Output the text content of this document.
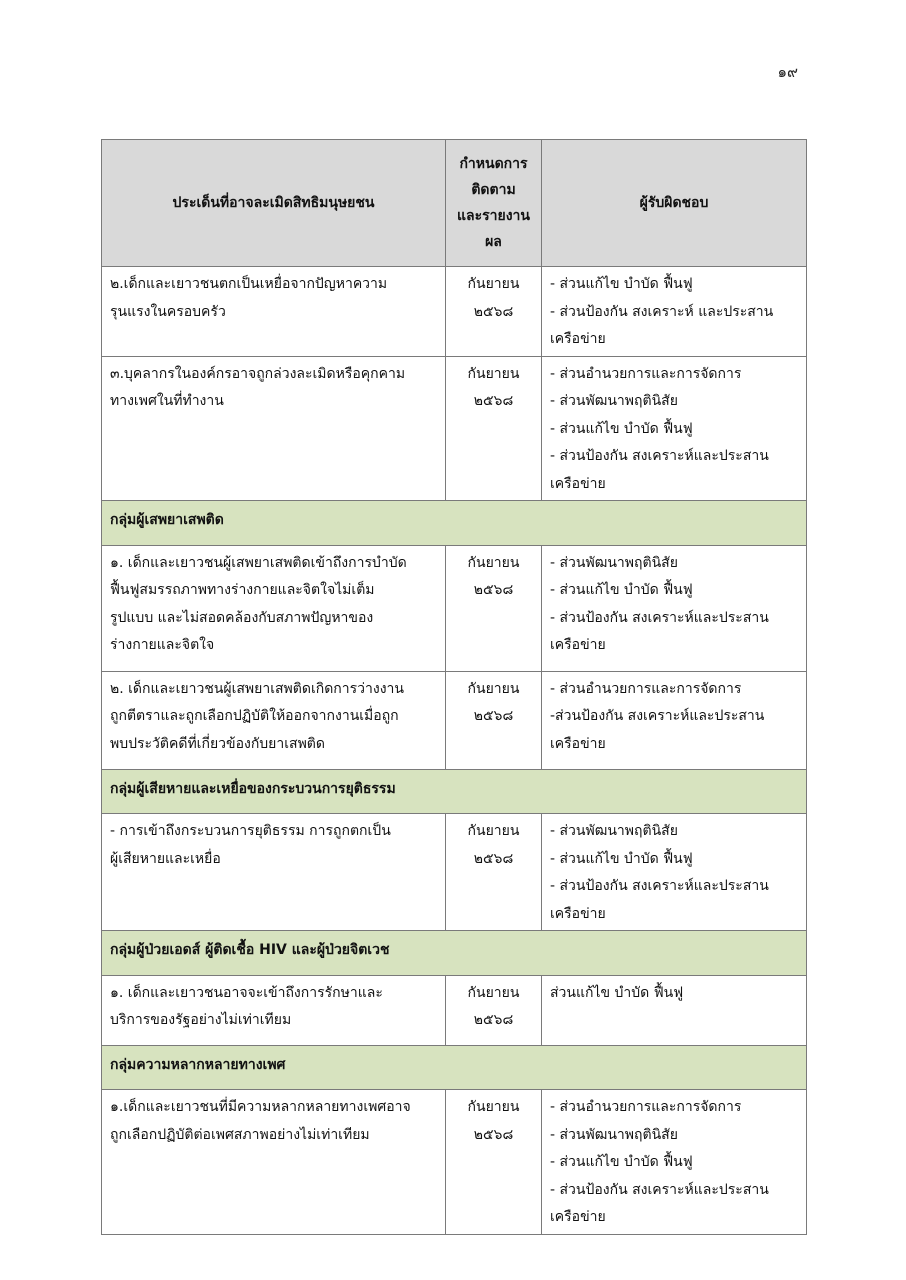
๑๙
ประเด็นที่อาจละเมิดสิทธิมนุษยชน	กำหนดการ
ติดตาม
และรายงาน
ผล	ผู้รับผิดชอบ

๒.เด็กและเยาวชนตกเป็นเหยื่อจากปัญหาความ
รุนแรงในครอบครัว	กันยายน
๒๕๖๘	- ส่วนแก้ไข บำบัด ฟื้นฟู
- ส่วนป้องกัน สงเคราะห์ และประสาน
เครือข่าย

๓.บุคลากรในองค์กรอาจถูกล่วงละเมิดหรือคุกคาม
ทางเพศในที่ทำงาน	กันยายน
๒๕๖๘	- ส่วนอำนวยการและการจัดการ
- ส่วนพัฒนาพฤตินิสัย
- ส่วนแก้ไข บำบัด ฟื้นฟู
- ส่วนป้องกัน สงเคราะห์และประสาน
เครือข่าย

กลุ่มผู้เสพยาเสพติด		

๑. เด็กและเยาวชนผู้เสพยาเสพติดเข้าถึงการบำบัด
ฟื้นฟูสมรรถภาพทางร่างกายและจิตใจไม่เต็ม
รูปแบบ และไม่สอดคล้องกับสภาพปัญหาของ
ร่างกายและจิตใจ	กันยายน
๒๕๖๘	- ส่วนพัฒนาพฤตินิสัย
- ส่วนแก้ไข บำบัด ฟื้นฟู
- ส่วนป้องกัน สงเคราะห์และประสาน
เครือข่าย

๒. เด็กและเยาวชนผู้เสพยาเสพติดเกิดการว่างงาน
ถูกตีตราและถูกเลือกปฏิบัติให้ออกจากงานเมื่อถูก
พบประวัติคดีที่เกี่ยวข้องกับยาเสพติด	กันยายน
๒๕๖๘	- ส่วนอำนวยการและการจัดการ
-ส่วนป้องกัน สงเคราะห์และประสาน
เครือข่าย

กลุ่มผู้เสียหายและเหยื่อของกระบวนการยุติธรรม		

- การเข้าถึงกระบวนการยุติธรรม การถูกตกเป็น
ผู้เสียหายและเหยื่อ	กันยายน
๒๕๖๘	- ส่วนพัฒนาพฤตินิสัย
- ส่วนแก้ไข บำบัด ฟื้นฟู
- ส่วนป้องกัน สงเคราะห์และประสาน
เครือข่าย

กลุ่มผู้ป่วยเอดส์ ผู้ติดเชื้อ HIV และผู้ป่วยจิตเวช		

๑. เด็กและเยาวชนอาจจะเข้าถึงการรักษาและ
บริการของรัฐอย่างไม่เท่าเทียม	กันยายน
๒๕๖๘	ส่วนแก้ไข บำบัด ฟื้นฟู

กลุ่มความหลากหลายทางเพศ		

๑.เด็กและเยาวชนที่มีความหลากหลายทางเพศอาจ
ถูกเลือกปฏิบัติต่อเพศสภาพอย่างไม่เท่าเทียม	กันยายน
๒๕๖๘	- ส่วนอำนวยการและการจัดการ
- ส่วนพัฒนาพฤตินิสัย
- ส่วนแก้ไข บำบัด ฟื้นฟู
- ส่วนป้องกัน สงเคราะห์และประสาน
เครือข่าย
